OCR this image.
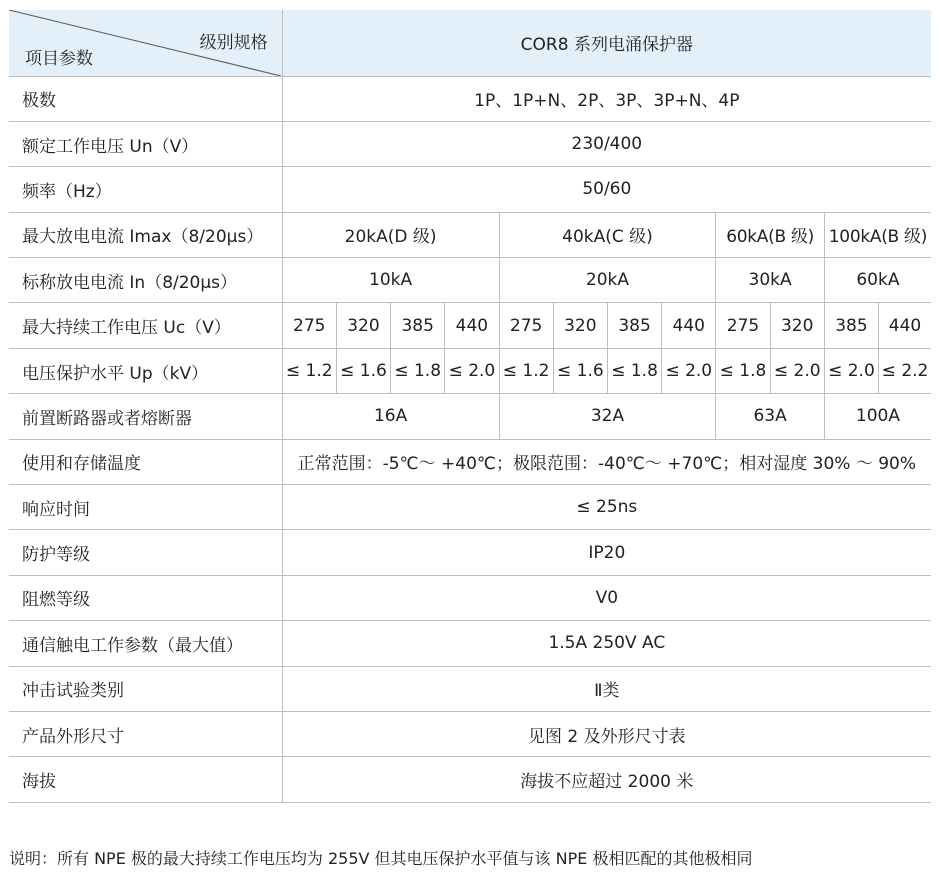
级别规格
项目参数	COR8 系列电涌保护器											
极数	1P、1P+N、2P、3P、3P+N、4P											
额定工作电压 Un（V）	230/400											
频率（Hz）	50/60											
最大放电电流 Imax（8/20μs）	20kA(D 级)				40kA(C 级)				60kA(B 级)		100kA(B 级)	
标称放电电流 In（8/20μs）	10kA				20kA				30kA		60kA	
最大持续工作电压 Uc（V）	275	320	385	440	275	320	385	440	275	320	385	440
电压保护水平 Up（kV）	≤ 1.2	≤ 1.6	≤ 1.8	≤ 2.0	≤ 1.2	≤ 1.6	≤ 1.8	≤ 2.0	≤ 1.8	≤ 2.0	≤ 2.0	≤ 2.2
前置断路器或者熔断器	16A				32A				63A		100A	
使用和存储温度	正常范围：-5℃～ +40℃；极限范围：-40℃～ +70℃；相对湿度 30% ～ 90%											
响应时间	≤ 25ns											
防护等级	IP20											
阻燃等级	V0											
通信触电工作参数（最大值）	1.5A 250V AC											
冲击试验类别	Ⅱ类											
产品外形尺寸	见图 2 及外形尺寸表											
海拔	海拔不应超过 2000 米											
说明：所有 NPE 极的最大持续工作电压均为 255V 但其电压保护水平值与该 NPE 极相匹配的其他极相同
